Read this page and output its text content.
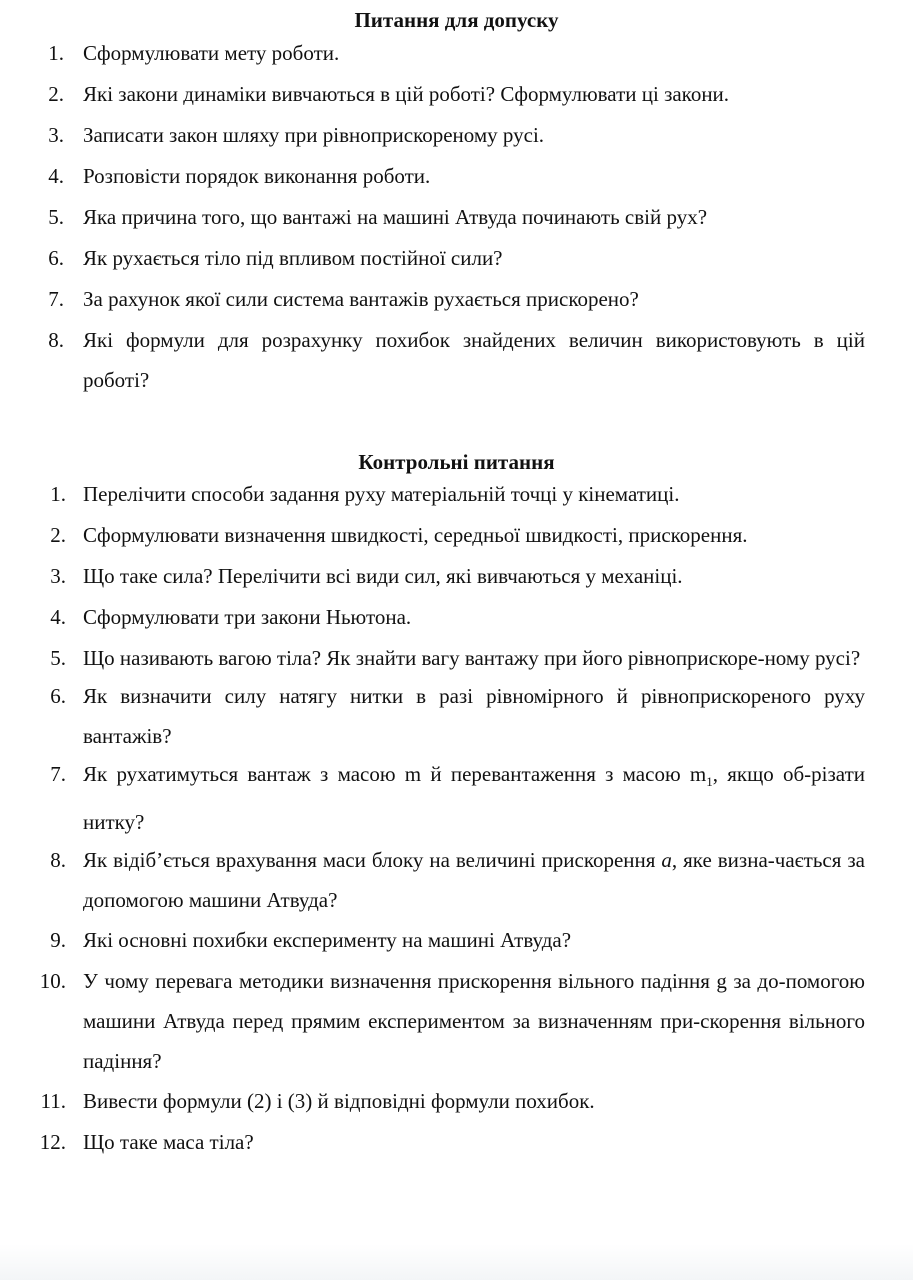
Питання для допуску
1. Сформулювати мету роботи.
2. Які закони динаміки вивчаються в цій роботі? Сформулювати ці закони.
3. Записати закон шляху при рівноприскореному русі.
4. Розповісти порядок виконання роботи.
5. Яка причина того, що вантажі на машині Атвуда починають свій рух?
6. Як рухається тіло під впливом постійної сили?
7. За рахунок якої сили система вантажів рухається прискорено?
8. Які формули для розрахунку похибок знайдених величин використовують в цій роботі?
Контрольні питання
1. Перелічити способи задання руху матеріальній точці у кінематиці.
2. Сформулювати визначення швидкості, середньої швидкості, прискорення.
3. Що таке сила? Перелічити всі види сил, які вивчаються у механіці.
4. Сформулювати три закони Ньютона.
5. Що називають вагою тіла? Як знайти вагу вантажу при його рівноприскоре-ному русі?
6. Як визначити силу натягу нитки в разі рівномірного й рівноприскореного руху вантажів?
7. Як рухатимуться вантаж з масою m й перевантаження з масою $m_1$, якщо об-різати нитку?
8. Як відіб’ється врахування маси блоку на величині прискорення a, яке визна-чається за допомогою машини Атвуда?
9. Які основні похибки експерименту на машині Атвуда?
10. У чому перевага методики визначення прискорення вільного падіння g за до-помогою машини Атвуда перед прямим експериментом за визначенням при-скорення вільного падіння?
11. Вивести формули (2) і (3) й відповідні формули похибок.
12. Що таке маса тіла?
